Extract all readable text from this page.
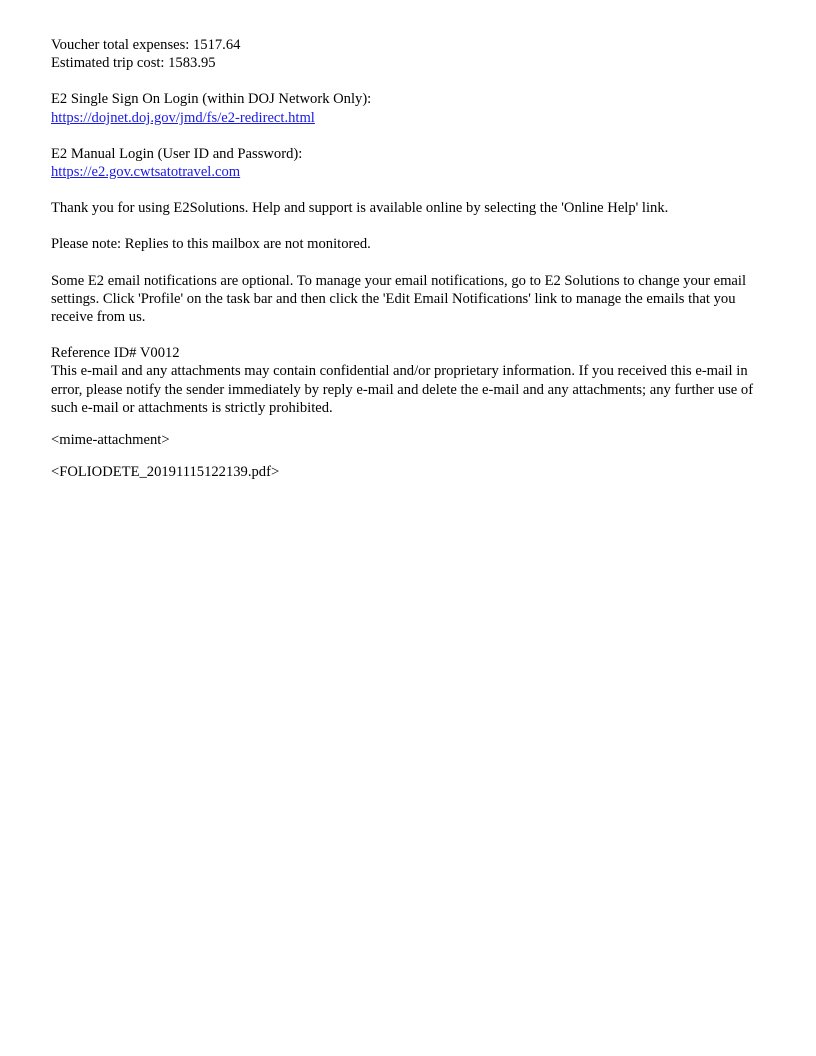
Voucher total expenses: 1517.64
Estimated trip cost: 1583.95
E2 Single Sign On Login (within DOJ Network Only):
https://dojnet.doj.gov/jmd/fs/e2-redirect.html
E2 Manual Login (User ID and Password):
https://e2.gov.cwtsatotravel.com

Thank you for using E2Solutions. Help and support is available online by selecting the 'Online Help' link.

Please note: Replies to this mailbox are not monitored.

Some E2 email notifications are optional. To manage your email notifications, go to E2 Solutions to change your email settings. Click 'Profile' on the task bar and then click the 'Edit Email Notifications' link to manage the emails that you receive from us.

Reference ID# V0012

This e-mail and any attachments may contain confidential and/or proprietary information. If you received this e-mail in error, please notify the sender immediately by reply e-mail and delete the e-mail and any attachments; any further use of such e-mail or attachments is strictly prohibited.

<mime-attachment>
<FOLIODETE_20191115122139.pdf>
